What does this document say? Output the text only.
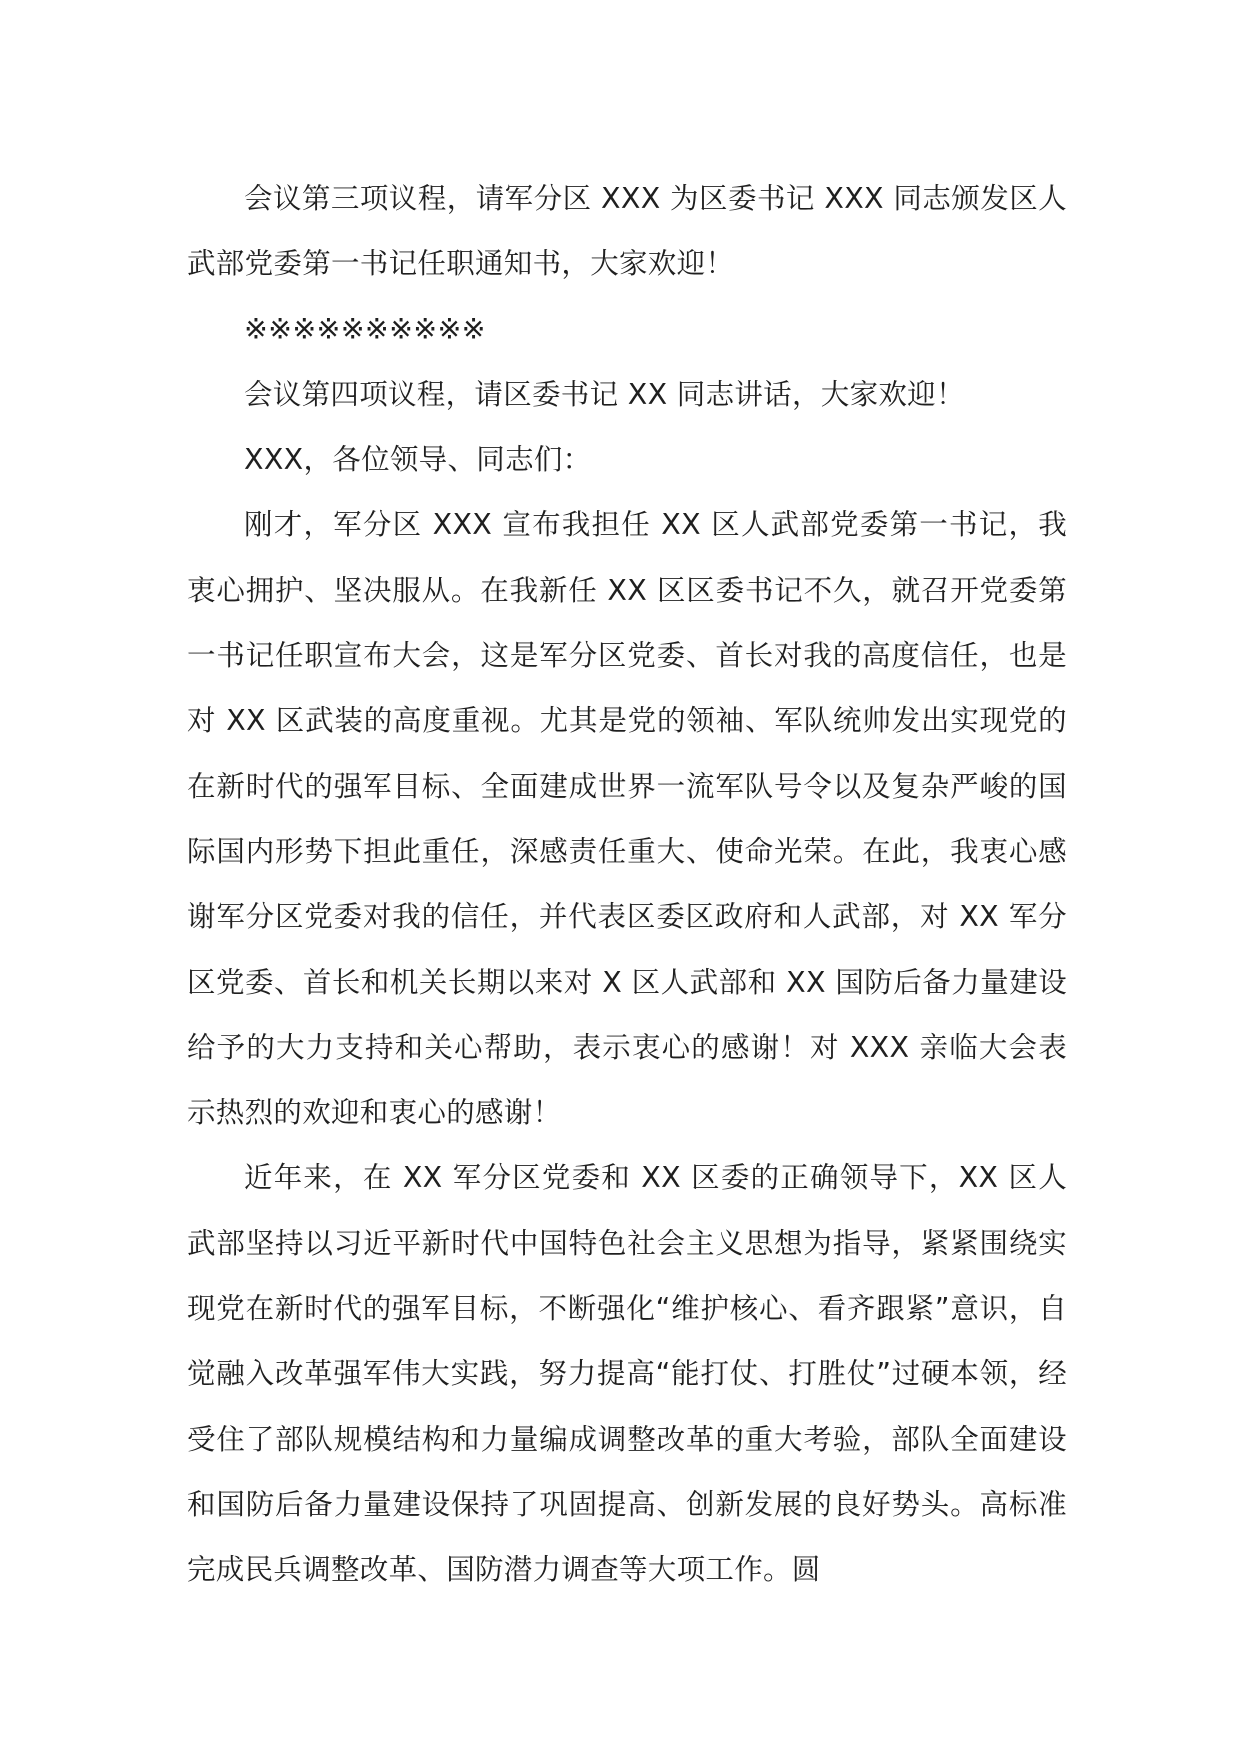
会议第三项议程，请军分区 XXX 为区委书记 XXX 同志颁发区人武部党委第一书记任职通知书，大家欢迎！

※※※※※※※※※※

会议第四项议程，请区委书记 XX 同志讲话，大家欢迎！

XXX，各位领导、同志们：

刚才，军分区 XXX 宣布我担任 XX 区人武部党委第一书记，我衷心拥护、坚决服从。在我新任 XX 区区委书记不久，就召开党委第一书记任职宣布大会，这是军分区党委、首长对我的高度信任，也是对 XX 区武装的高度重视。尤其是党的领袖、军队统帅发出实现党的在新时代的强军目标、全面建成世界一流军队号令以及复杂严峻的国际国内形势下担此重任，深感责任重大、使命光荣。在此，我衷心感谢军分区党委对我的信任，并代表区委区政府和人武部，对 XX 军分区党委、首长和机关长期以来对 X 区人武部和 XX 国防后备力量建设给予的大力支持和关心帮助，表示衷心的感谢！对 XXX 亲临大会表示热烈的欢迎和衷心的感谢！

近年来，在 XX 军分区党委和 XX 区委的正确领导下，XX 区人武部坚持以习近平新时代中国特色社会主义思想为指导，紧紧围绕实现党在新时代的强军目标，不断强化“维护核心、看齐跟紧”意识，自觉融入改革强军伟大实践，努力提高“能打仗、打胜仗”过硬本领，经受住了部队规模结构和力量编成调整改革的重大考验，部队全面建设和国防后备力量建设保持了巩固提高、创新发展的良好势头。高标准完成民兵调整改革、国防潜力调查等大项工作。圆
